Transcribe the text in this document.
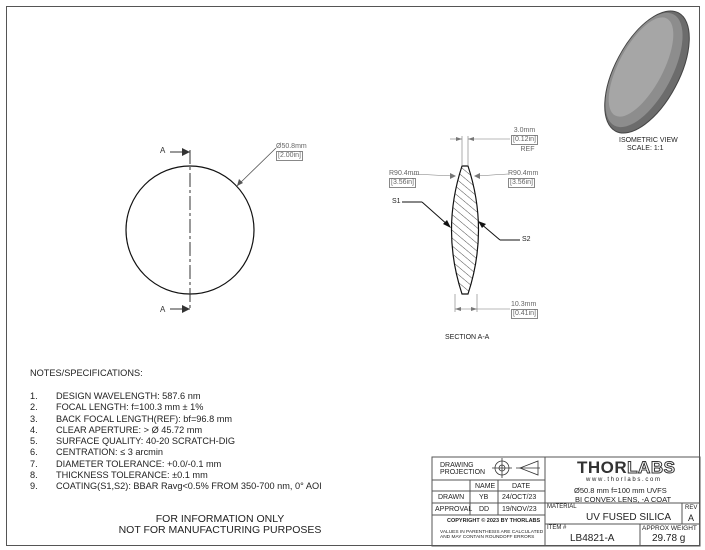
A
A
Ø50.8mm
[2.00in]
3.0mm
[0.12in]
REF
R90.4mm
[3.56in]
R90.4mm
[3.56in]
S1
S2
10.3mm
[0.41in]
SECTION A-A
ISOMETRIC VIEW
SCALE: 1:1
NOTES/SPECIFICATIONS:
1. DESIGN WAVELENGTH: 587.6 nm
2. FOCAL LENGTH: f=100.3 mm ± 1%
3. BACK FOCAL LENGTH(REF): bf=96.8 mm
4. CLEAR APERTURE: > Ø 45.72 mm
5. SURFACE QUALITY: 40-20 SCRATCH-DIG
6. CENTRATION: ≤ 3 arcmin
7. DIAMETER TOLERANCE: +0.0/-0.1 mm
8. THICKNESS TOLERANCE: ±0.1 mm
9. COATING(S1,S2): BBAR Ravg<0.5% FROM 350-700 nm, 0° AOI
FOR INFORMATION ONLY
NOT FOR MANUFACTURING PURPOSES
DRAWING
PROJECTION
NAME DATE
DRAWN YB 24/OCT/23
APPROVAL DD 19/NOV/23
COPYRIGHT © 2023 BY THORLABS
VALUES IN PARENTHESIS ARE CALCULATED
AND MAY CONTAIN ROUNDOFF ERRORS
THORLABS
w w w . t h o r l a b s . c o m
Ø50.8 mm f=100 mm UVFS
BI CONVEX LENS, -A COAT
MATERIAL
UV FUSED SILICA
ITEM #
LB4821-A
APPROX WEIGHT
29.78 g
REV
A
